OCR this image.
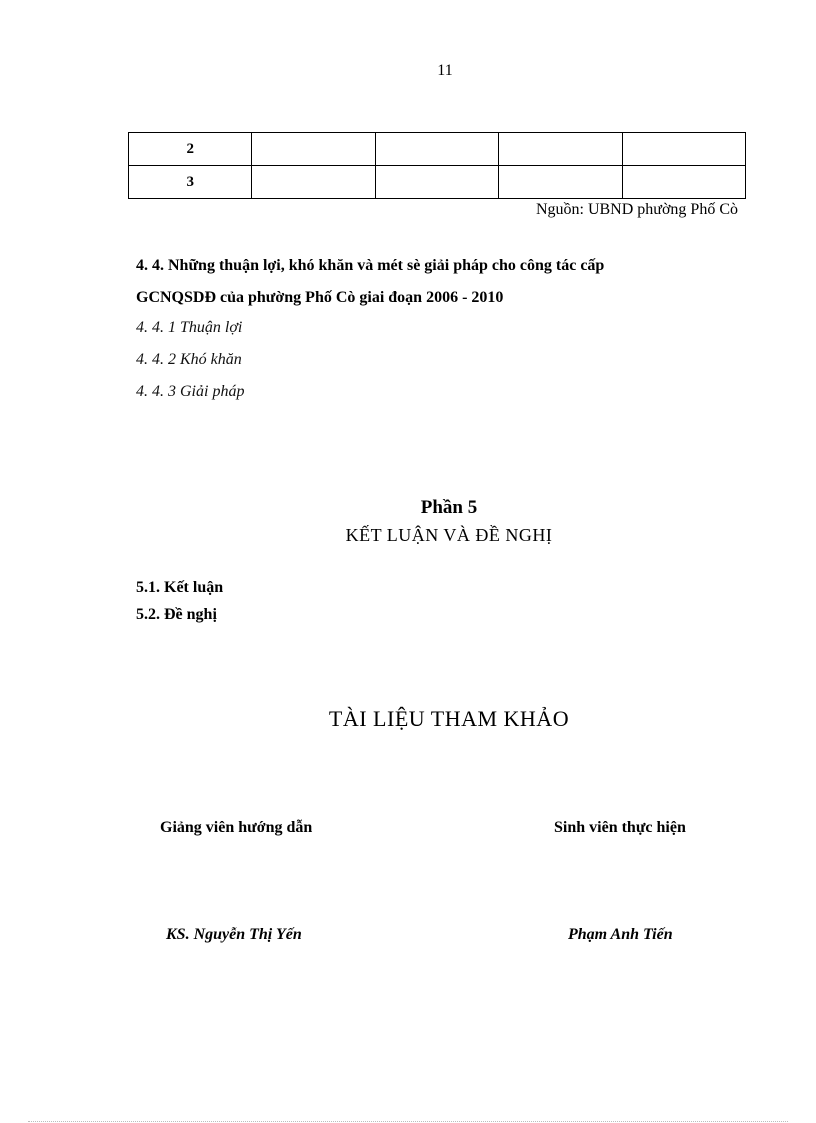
11
2				
3				
Nguồn: UBND phường Phố Cò
4. 4. Những thuận lợi, khó khăn và mét sè giải pháp cho công tác cấp
GCNQSDĐ của phường Phố Cò giai đoạn 2006 - 2010
4. 4. 1 Thuận lợi
4. 4. 2 Khó khăn
4. 4. 3 Giải pháp
Phần 5
KẾT LUẬN VÀ ĐỀ NGHỊ
5.1. Kết luận
5.2. Đề nghị
TÀI LIỆU THAM KHẢO
Giảng viên hướng dẫn	Sinh viên thực hiện
KS. Nguyễn Thị Yến	Phạm Anh Tiến
